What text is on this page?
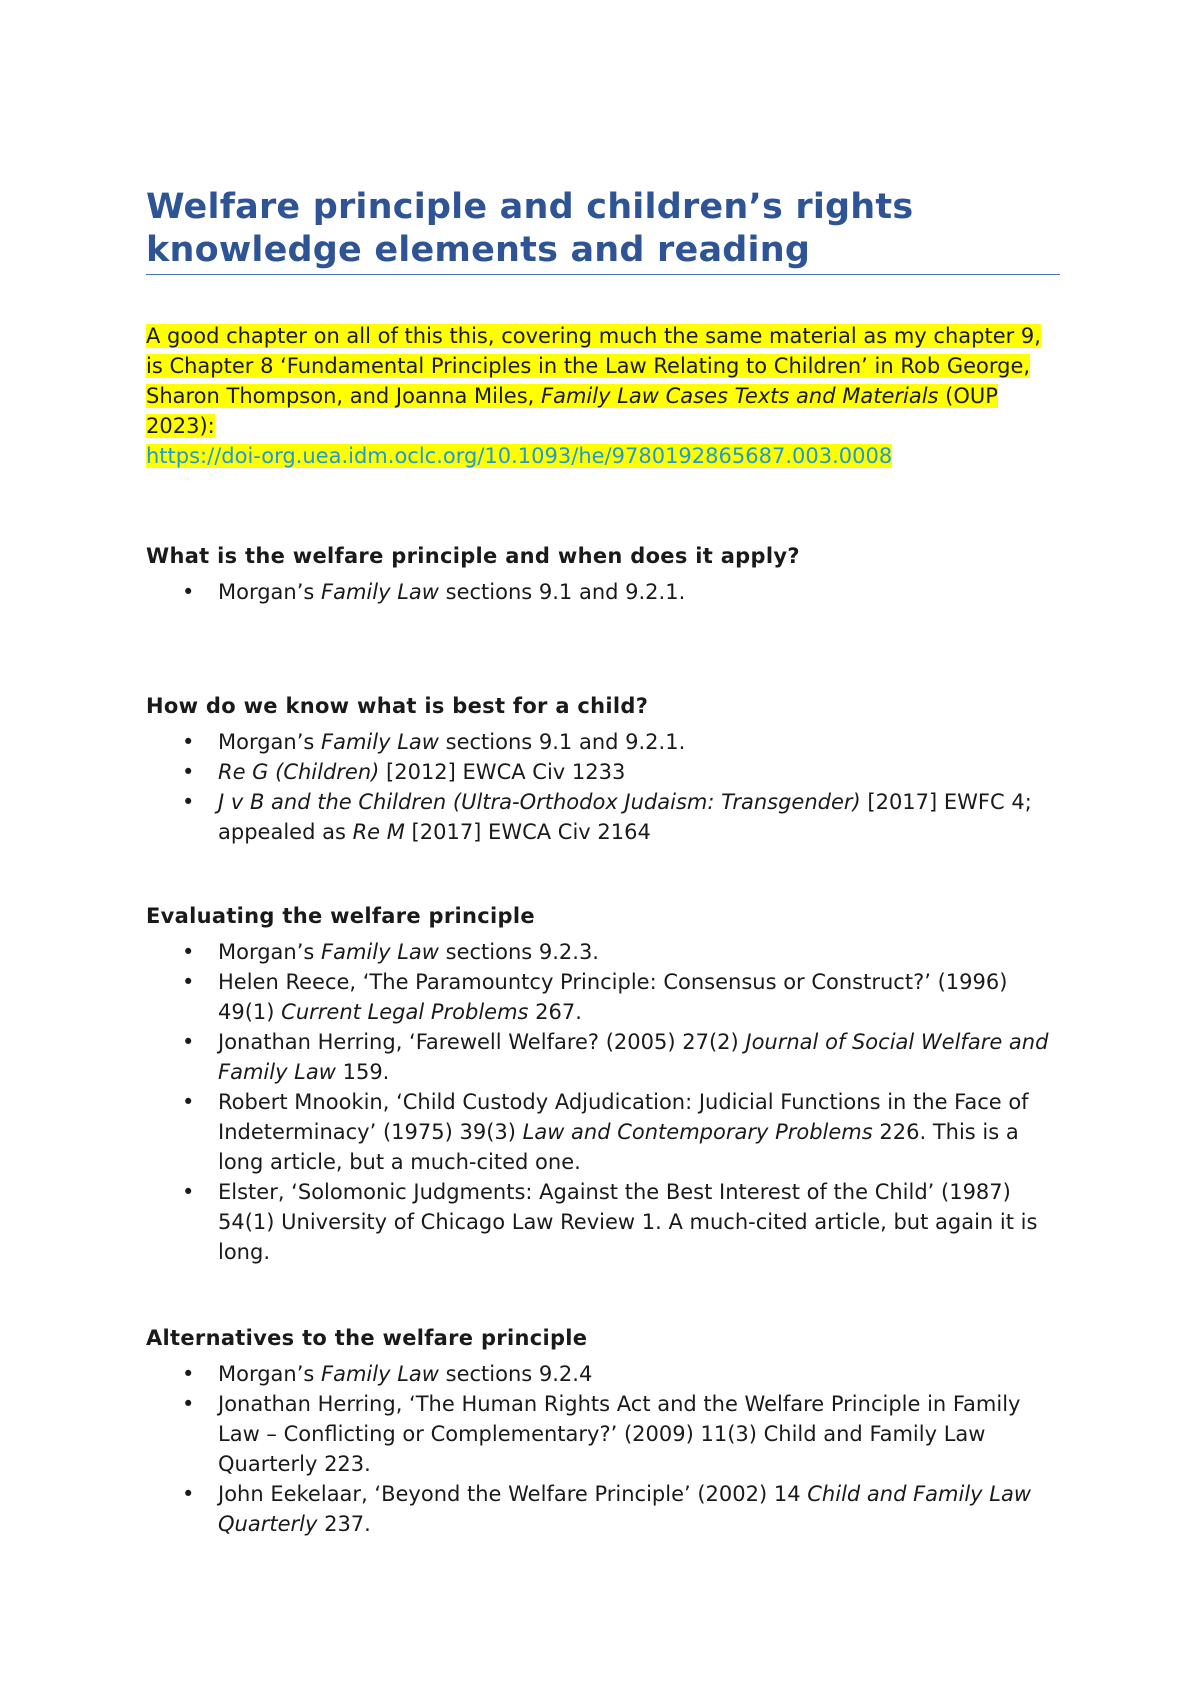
Welfare principle and children’s rights
knowledge elements and reading
A good chapter on all of this this, covering much the same material as my chapter 9, is Chapter 8 ‘Fundamental Principles in the Law Relating to Children’ in Rob George, Sharon Thompson, and Joanna Miles, Family Law Cases Texts and Materials (OUP 2023):
https://doi-org.uea.idm.oclc.org/10.1093/he/9780192865687.003.0008

What is the welfare principle and when does it apply?

• Morgan’s Family Law sections 9.1 and 9.2.1.

How do we know what is best for a child?

• Morgan’s Family Law sections 9.1 and 9.2.1.
• Re G (Children) [2012] EWCA Civ 1233
• J v B and the Children (Ultra-Orthodox Judaism: Transgender) [2017] EWFC 4; appealed as Re M [2017] EWCA Civ 2164

Evaluating the welfare principle

• Morgan’s Family Law sections 9.2.3.
• Helen Reece, ‘The Paramountcy Principle: Consensus or Construct?’ (1996) 49(1) Current Legal Problems 267.
• Jonathan Herring, ‘Farewell Welfare? (2005) 27(2) Journal of Social Welfare and Family Law 159.
• Robert Mnookin, ‘Child Custody Adjudication: Judicial Functions in the Face of Indeterminacy’ (1975) 39(3) Law and Contemporary Problems 226. This is a long article, but a much-cited one.
• Elster, ‘Solomonic Judgments: Against the Best Interest of the Child’ (1987) 54(1) University of Chicago Law Review 1. A much-cited article, but again it is long.

Alternatives to the welfare principle

• Morgan’s Family Law sections 9.2.4
• Jonathan Herring, ‘The Human Rights Act and the Welfare Principle in Family Law – Conflicting or Complementary?’ (2009) 11(3) Child and Family Law Quarterly 223.
• John Eekelaar, ‘Beyond the Welfare Principle’ (2002) 14 Child and Family Law Quarterly 237.
